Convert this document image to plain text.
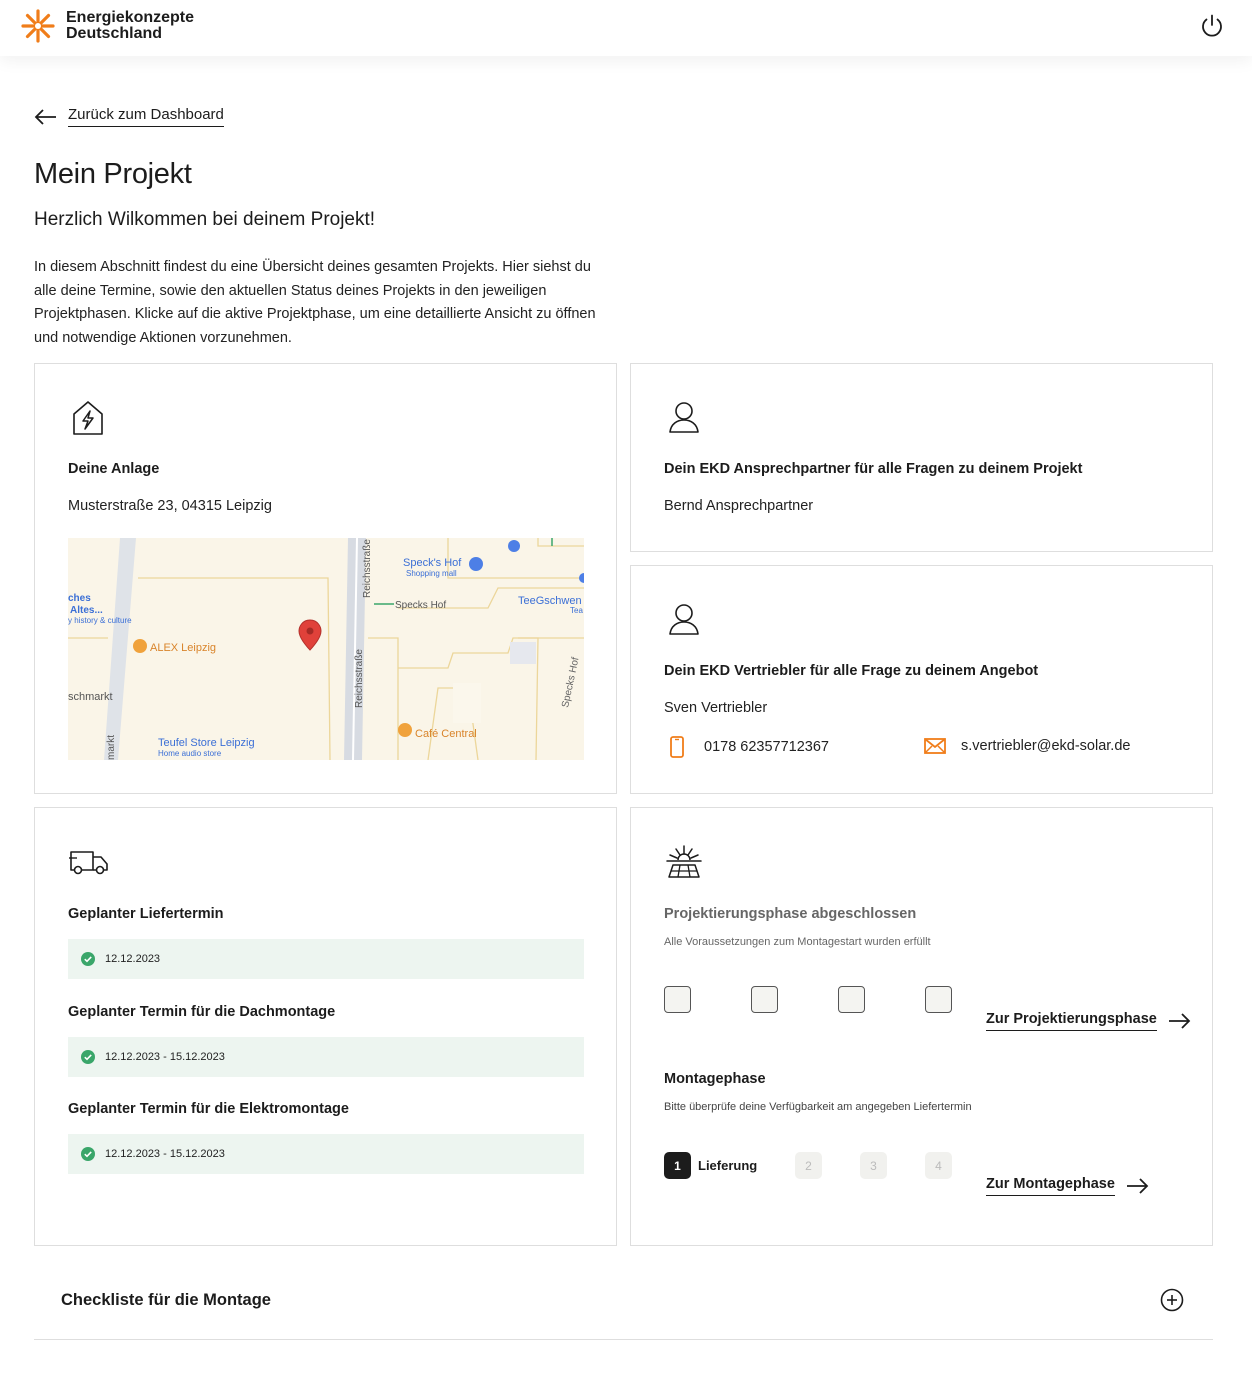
Energiekonzepte
Deutschland
Zurück zum Dashboard
Mein Projekt
Herzlich Wilkommen bei deinem Projekt!

In diesem Abschnitt findest du eine Übersicht deines gesamten Projekts. Hier siehst du alle deine Termine, sowie den aktuellen Status deines Projekts in den jeweiligen Projektphasen. Klicke auf die aktive Projektphase, um eine detaillierte Ansicht zu öffnen und notwendige Aktionen vorzunehmen.

Deine Anlage
Musterstraße 23, 04315 Leipzig
Reichsstraße
Reichsstraße
Specks Hof
Specks Hof
markt
Speck's Hof
Shopping mall
TeeGschwen
Tea
ches
Altes...
y history & culture
ALEX Leipzig
schmarkt
Teufel Store Leipzig
Home audio store
Café Central
Dein EKD Ansprechpartner für alle Fragen zu deinem Projekt
Bernd Ansprechpartner
Dein EKD Vertriebler für alle Frage zu deinem Angebot
Sven Vertriebler
0178 62357712367	s.vertriebler@ekd-solar.de
Geplanter Liefertermin
12.12.2023
Geplanter Termin für die Dachmontage
12.12.2023 - 15.12.2023
Geplanter Termin für die Elektromontage
12.12.2023 - 15.12.2023
Projektierungsphase abgeschlossen
Alle Voraussetzungen zum Montagestart wurden erfüllt
Zur Projektierungsphase
Montagephase
Bitte überprüfe deine Verfügbarkeit am angegeben Liefertermin
1	Lieferung	2	3	4
Zur Montagephase
Checkliste für die Montage
